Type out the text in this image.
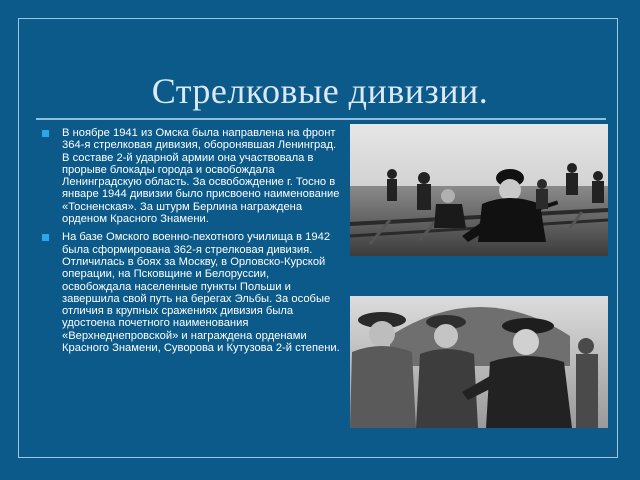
Стрелковые дивизии.
В ноябре 1941 из Омска была направлена на фронт 364-я стрелковая дивизия, оборонявшая Ленинград. В составе 2-й ударной армии она участвовала в прорыве блокады города и освобождала Ленинградскую область. За освобождение г. Тосно в январе 1944 дивизии было присвоено наименование «Тосненская». За штурм Берлина награждена орденом Красного Знамени.
На базе Омского военно-пехотного училища в 1942 была сформирована 362-я стрелковая дивизия. Отличилась в боях за Москву, в Орловско-Курской операции, на Псковщине и Белоруссии, освобождала населенные пункты Польши и завершила свой путь на берегах Эльбы. За особые отличия в крупных сражениях дивизия была удостоена почетного наименования «Верхнеднепровской» и награждена орденами Красного Знамени, Суворова и Кутузова 2-й степени.
